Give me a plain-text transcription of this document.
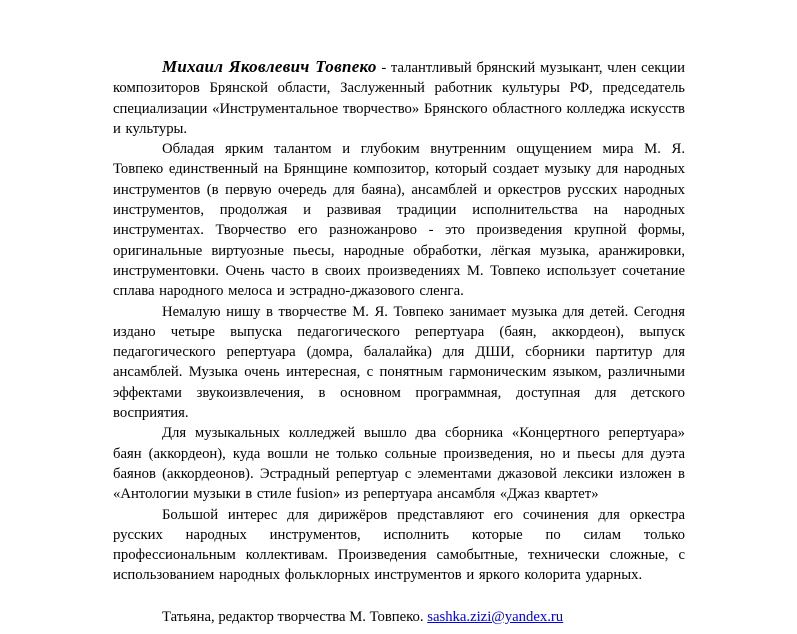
Михаил Яковлевич Товпеко - талантливый брянский музыкант, член секции композиторов Брянской области, Заслуженный работник культуры РФ, председатель специализации «Инструментальное творчество» Брянского областного колледжа искусств и культуры.

Обладая ярким талантом и глубоким внутренним ощущением мира М. Я. Товпеко единственный на Брянщине композитор, который создает музыку для народных инструментов (в первую очередь для баяна), ансамблей и оркестров русских народных инструментов, продолжая и развивая традиции исполнительства на народных инструментах. Творчество его разножанрово - это произведения крупной формы, оригинальные виртуозные пьесы, народные обработки, лёгкая музыка, аранжировки, инструментовки. Очень часто в своих произведениях М. Товпеко использует сочетание сплава народного мелоса и эстрадно-джазового сленга.

Немалую нишу в творчестве М. Я. Товпеко занимает музыка для детей. Сегодня издано четыре выпуска педагогического репертуара (баян, аккордеон), выпуск педагогического репертуара (домра, балалайка) для ДШИ, сборники партитур для ансамблей. Музыка очень интересная, с понятным гармоническим языком, различными эффектами звукоизвлечения, в основном программная, доступная для детского восприятия.

Для музыкальных колледжей вышло два сборника «Концертного репертуара» баян (аккордеон), куда вошли не только сольные произведения, но и пьесы для дуэта баянов (аккордеонов). Эстрадный репертуар с элементами джазовой лексики изложен в «Антологии музыки в стиле fusion» из репертуара ансамбля «Джаз квартет»

Большой интерес для дирижёров представляют его сочинения для оркестра русских народных инструментов, исполнить которые по силам только профессиональным коллективам. Произведения самобытные, технически сложные, с использованием народных фольклорных инструментов и яркого колорита ударных.

Татьяна, редактор творчества М. Товпеко. sashka.zizi@yandex.ru
